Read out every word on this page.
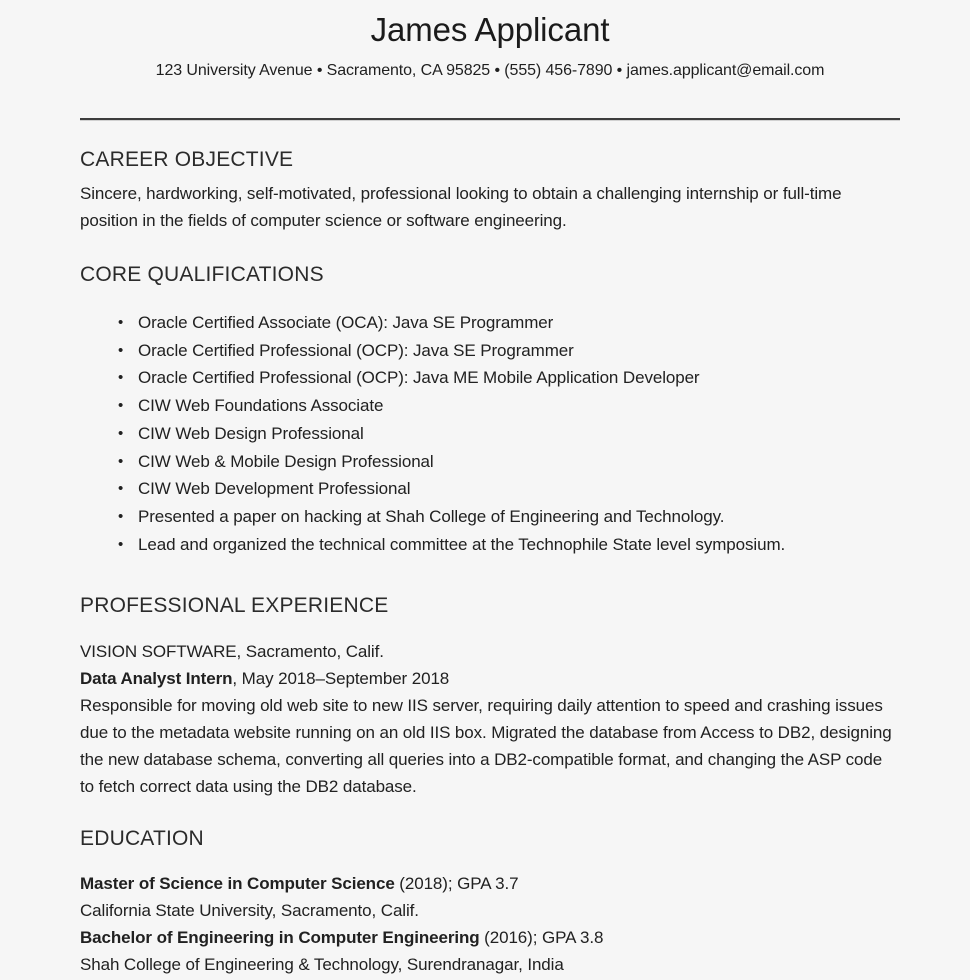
James Applicant
123 University Avenue • Sacramento, CA 95825 • (555) 456-7890 • james.applicant@email.com
CAREER OBJECTIVE

Sincere, hardworking, self-motivated, professional looking to obtain a challenging internship or full-time position in the fields of computer science or software engineering.

CORE QUALIFICATIONS
• Oracle Certified Associate (OCA): Java SE Programmer
• Oracle Certified Professional (OCP): Java SE Programmer
• Oracle Certified Professional (OCP): Java ME Mobile Application Developer
• CIW Web Foundations Associate
• CIW Web Design Professional
• CIW Web & Mobile Design Professional
• CIW Web Development Professional
• Presented a paper on hacking at Shah College of Engineering and Technology.
• Lead and organized the technical committee at the Technophile State level symposium.
PROFESSIONAL EXPERIENCE

VISION SOFTWARE, Sacramento, Calif.

Data Analyst Intern, May 2018–September 2018

Responsible for moving old web site to new IIS server, requiring daily attention to speed and crashing issues due to the metadata website running on an old IIS box. Migrated the database from Access to DB2, designing the new database schema, converting all queries into a DB2-compatible format, and changing the ASP code to fetch correct data using the DB2 database.

EDUCATION

Master of Science in Computer Science (2018); GPA 3.7

California State University, Sacramento, Calif.

Bachelor of Engineering in Computer Engineering (2016); GPA 3.8

Shah College of Engineering & Technology, Surendranagar, India
